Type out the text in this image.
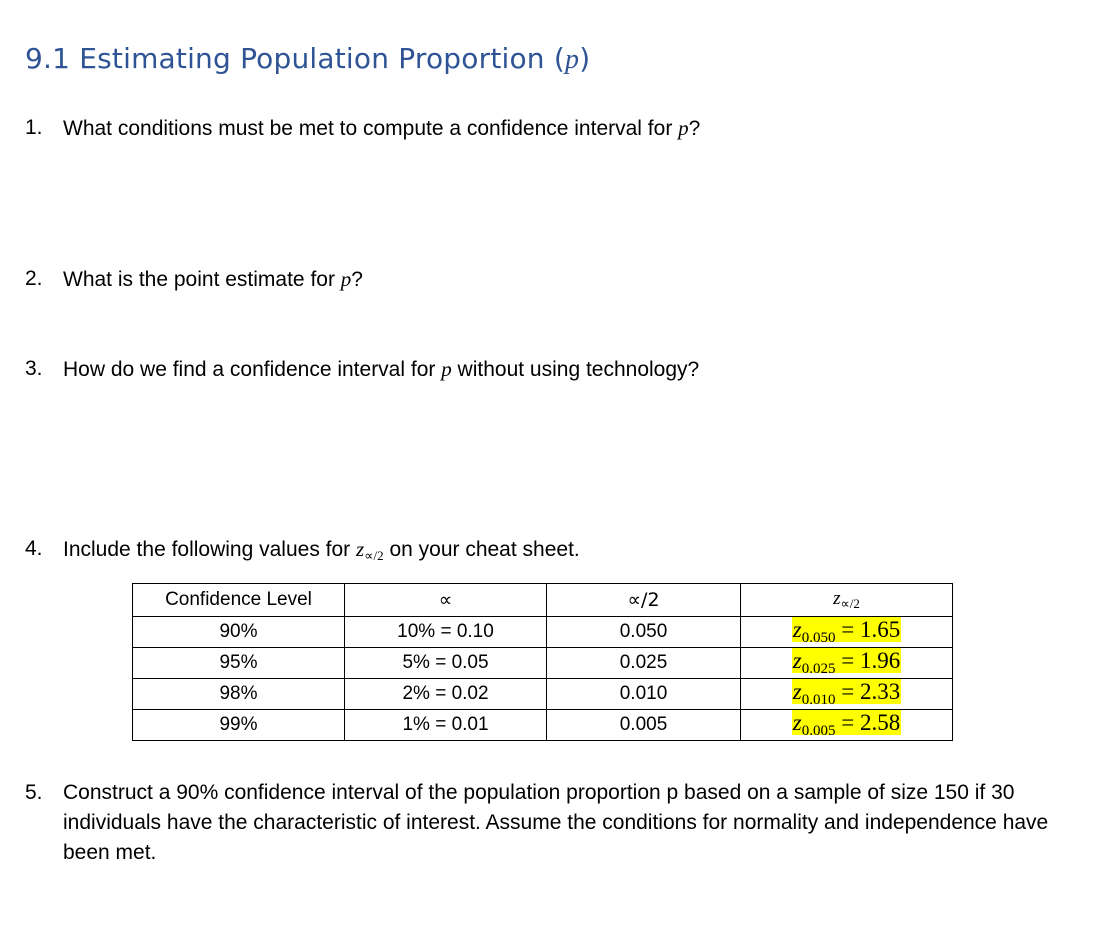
9.1 Estimating Population Proportion (p)
1. What conditions must be met to compute a confidence interval for p?
2. What is the point estimate for p?
3. How do we find a confidence interval for p without using technology?
4. Include the following values for $z_{\propto/2}$ on your cheat sheet.
Confidence Level	∝	∝/2	$z_{\propto/2}$
90%	10% = 0.10	0.050	$z_{0.050} = 1.65$
95%	5% = 0.05	0.025	$z_{0.025} = 1.96$
98%	2% = 0.02	0.010	$z_{0.010} = 2.33$
99%	1% = 0.01	0.005	$z_{0.005} = 2.58$
5. Construct a 90% confidence interval of the population proportion p based on a sample of size 150 if 30 individuals have the characteristic of interest. Assume the conditions for normality and independence have been met.
